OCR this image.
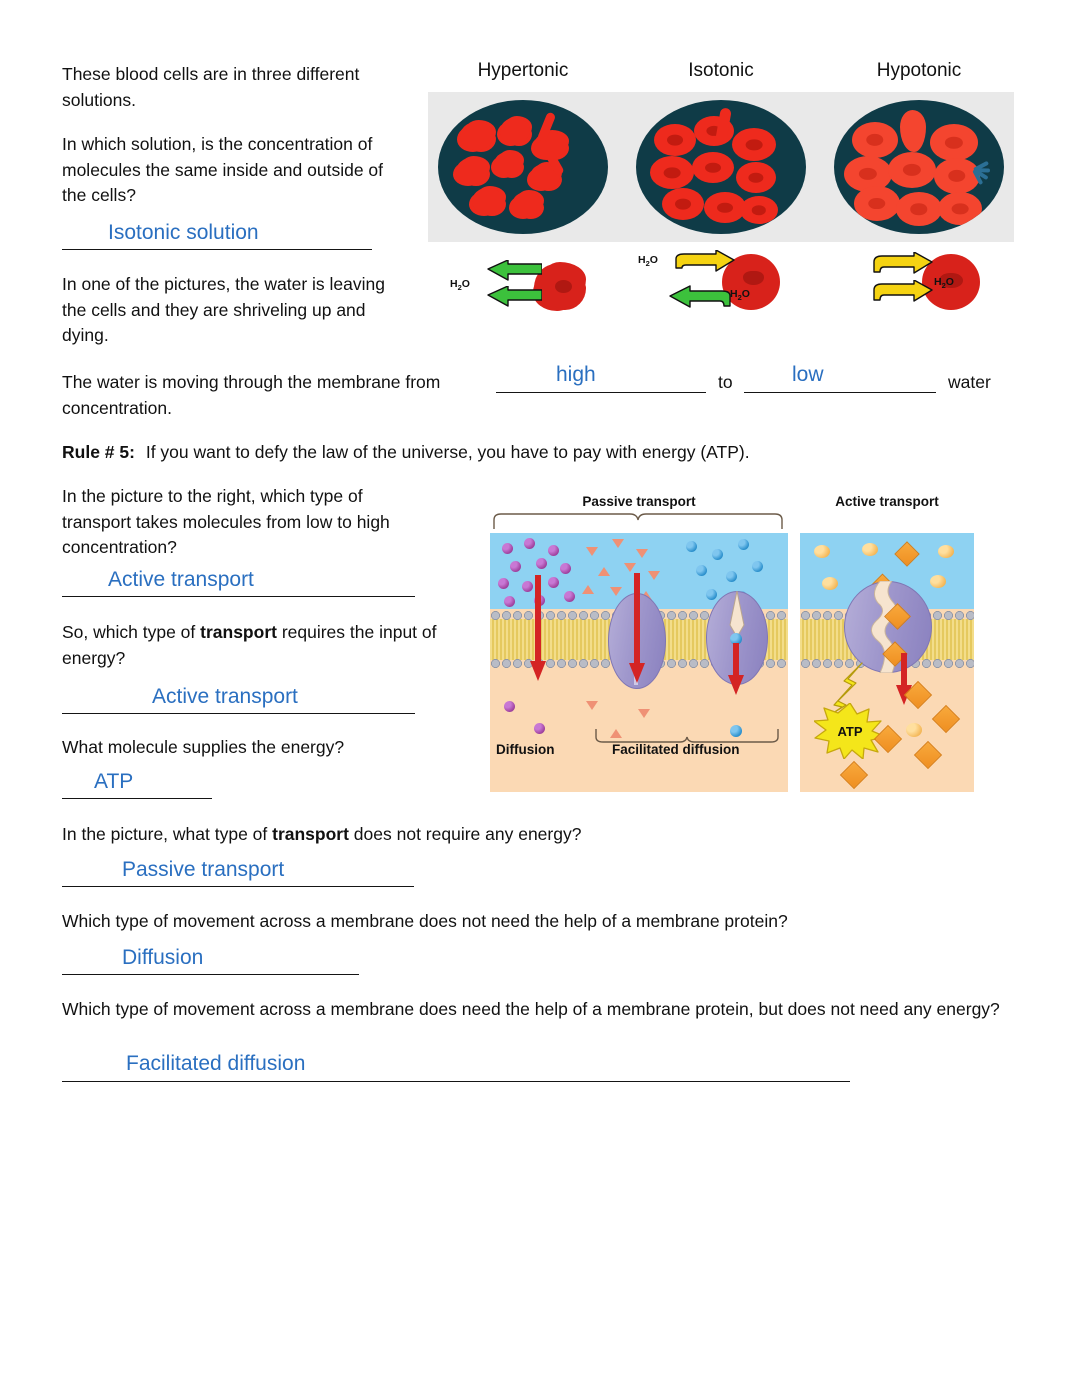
These blood cells are in three different solutions.
In which solution, is the concentration of molecules the same inside and outside of the cells?
Isotonic solution
In one of the pictures, the water is leaving the cells and they are shriveling up and dying.
The water is moving through the membrane from	high	to	low	water
concentration.
Rule # 5: If you want to defy the law of the universe, you have to pay with energy (ATP).
In the picture to the right, which type of transport takes molecules from low to high concentration?
Active transport
So, which type of transport requires the input of energy?
Active transport
What molecule supplies the energy?
ATP
In the picture, what type of transport does not require any energy?
Passive transport
Which type of movement across a membrane does not need the help of a membrane protein?
Diffusion
Which type of movement across a membrane does need the help of a membrane protein, but does not need any energy?
Facilitated diffusion
Hypertonic	Isotonic	Hypotonic
$H_2O$
$H_2O$
$H_2O$
$H_2O$
Passive transport	Active transport
Diffusion	Facilitated diffusion
ATP
